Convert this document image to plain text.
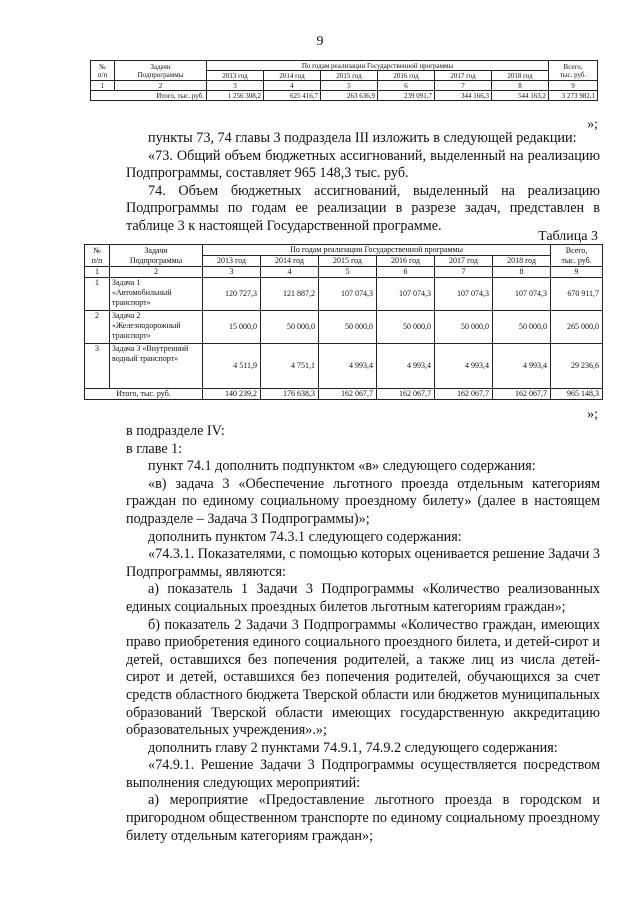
9
№
п/п	Задачи
Подпрограммы	По годам реализации Государственной программы						Всего,
тыс. руб.
		2013 год	2014 год	2015 год	2016 год	2017 год	2018 год	
1	2	3	4	5	6	7	8	9
Итого, тыс. руб.		1 256 308,2	625 416,7	263 636,9	239 091,7	344 166,3	544 163,2	3 273 982,1
»;

пункты 73, 74 главы 3 подраздела III изложить в следующей редакции:

«73. Общий объем бюджетных ассигнований, выделенный на реализацию Подпрограммы, составляет 965 148,3 тыс. руб.

74. Объем бюджетных ассигнований, выделенный на реализацию Подпрограммы по годам ее реализации в разрезе задач, представлен в таблице 3 к настоящей Государственной программе.

Таблица 3
№
п/п	Задачи
Подпрограммы	По годам реализации Государственной программы						Всего,
тыс. руб.
		2013 год	2014 год	2015 год	2016 год	2017 год	2018 год	
1	2	3	4	5	6	7	8	9
1	Задача 1 «Автомобильный транспорт»	120 727,3	121 887,2	107 074,3	107 074,3	107 074,3	107 074,3	670 911,7
2	Задача 2 «Железнодорожный транспорт»	15 000,0	50 000,0	50 000,0	50 000,0	50 000,0	50 000,0	265 000,0
3	Задача 3 «Внутренний водный транспорт»	4 511,9	4 751,1	4 993,4	4 993,4	4 993,4	4 993,4	29 236,6
Итого, тыс. руб.		140 239,2	176 638,3	162 067,7	162 067,7	162 067,7	162 067,7	965 148,3
»;

в подразделе IV:

в главе 1:

пункт 74.1 дополнить подпунктом «в» следующего содержания:

«в) задача 3 «Обеспечение льготного проезда отдельным категориям граждан по единому социальному проездному билету» (далее в настоящем подразделе – Задача 3 Подпрограммы)»;

дополнить пунктом 74.3.1 следующего содержания:

«74.3.1. Показателями, с помощью которых оценивается решение Задачи 3 Подпрограммы, являются:

а) показатель 1 Задачи 3 Подпрограммы «Количество реализованных единых социальных проездных билетов льготным категориям граждан»;

б) показатель 2 Задачи 3 Подпрограммы «Количество граждан, имеющих право приобретения единого социального проездного билета, и детей-сирот и детей, оставшихся без попечения родителей, а также лиц из числа детей-сирот и детей, оставшихся без попечения родителей, обучающихся за счет средств областного бюджета Тверской области или бюджетов муниципальных образований Тверской области имеющих государственную аккредитацию образовательных учреждения».»;

дополнить главу 2 пунктами 74.9.1, 74.9.2 следующего содержания:

«74.9.1. Решение Задачи 3 Подпрограммы осуществляется посредством выполнения следующих мероприятий:

а) мероприятие «Предоставление льготного проезда в городском и пригородном общественном транспорте по единому социальному проездному билету отдельным категориям граждан»;
